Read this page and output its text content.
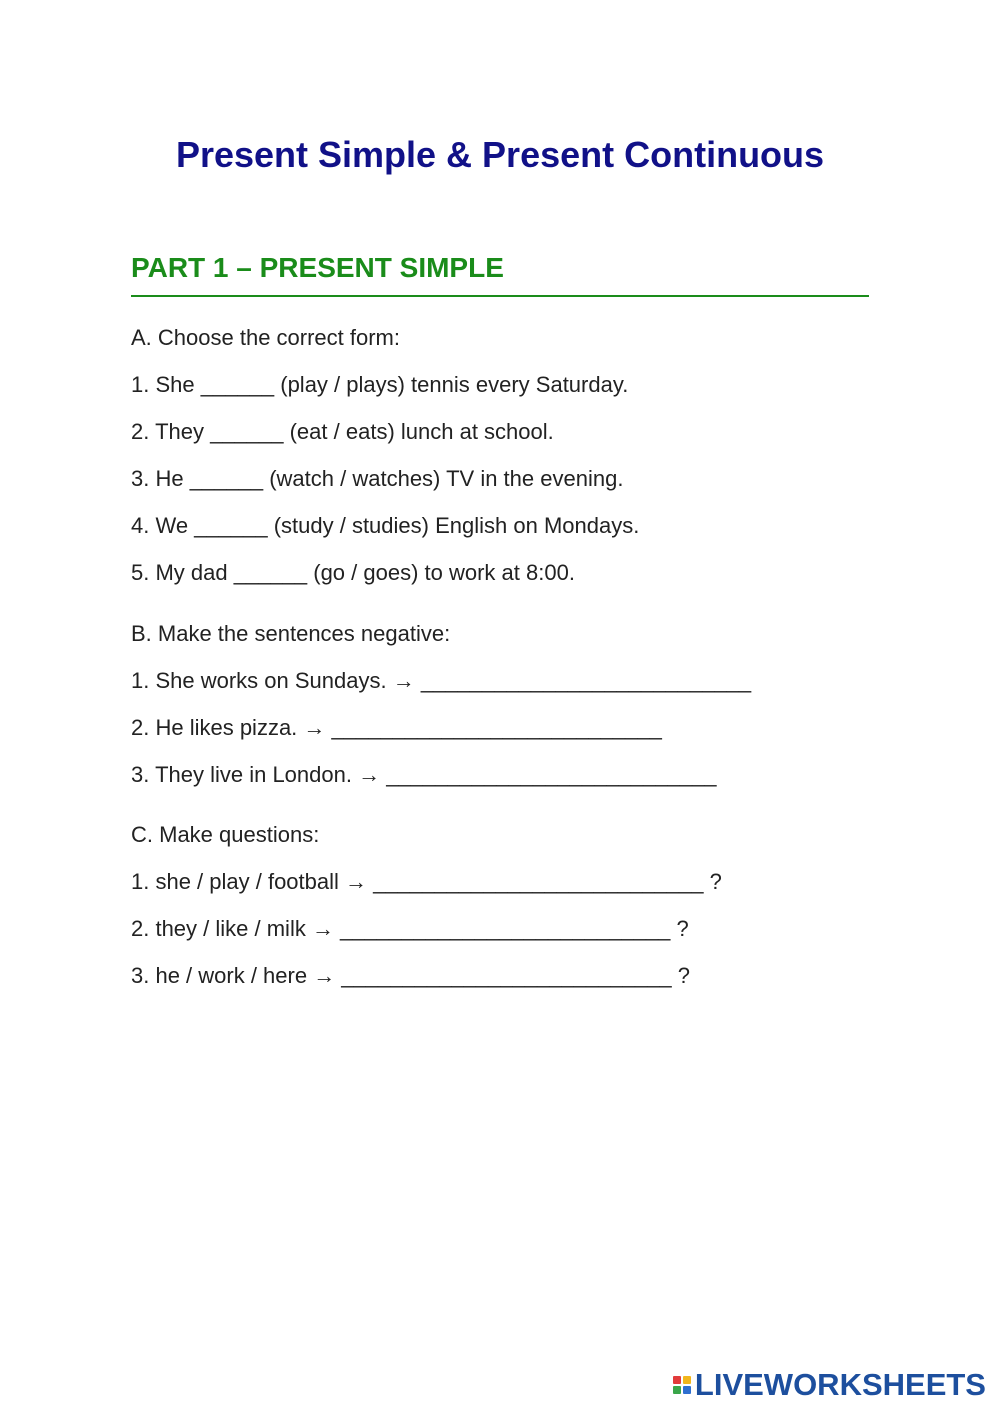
Present Simple & Present Continuous
PART 1 – PRESENT SIMPLE
A. Choose the correct form:
1. She ______ (play / plays) tennis every Saturday.
2. They ______ (eat / eats) lunch at school.
3. He ______ (watch / watches) TV in the evening.
4. We ______ (study / studies) English on Mondays.
5. My dad ______ (go / goes) to work at 8:00.
B. Make the sentences negative:
1. She works on Sundays. → ___________________________
2. He likes pizza. → ___________________________
3. They live in London. → ___________________________
C. Make questions:
1. she / play / football → ___________________________ ?
2. they / like / milk → ___________________________ ?
3. he / work / here → ___________________________ ?
LIVEWORKSHEETS
